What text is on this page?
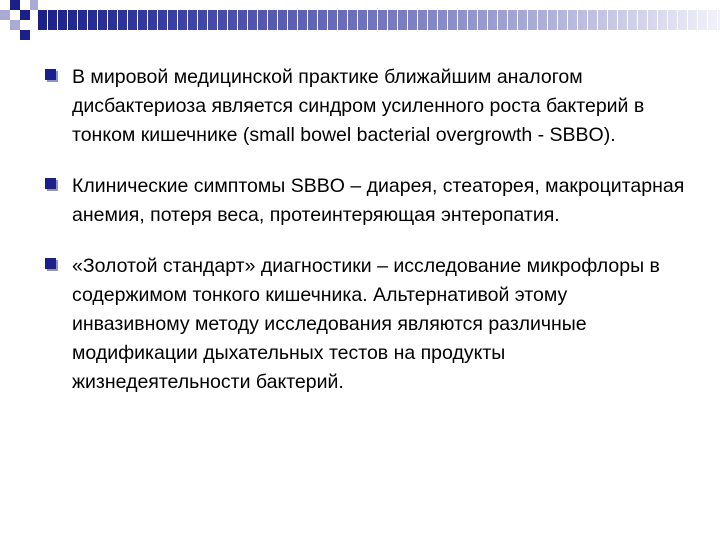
В мировой медицинской практике ближайшим аналогом дисбактериоза является синдром усиленного роста бактерий в тонком кишечнике (small bowel bacterial overgrowth - SBBO).
Клинические симптомы SBBO – диарея, стеаторея, макроцитарная анемия, потеря веса, протеинтеряющая энтеропатия.
«Золотой стандарт» диагностики – исследование микрофлоры в содержимом тонкого кишечника. Альтернативой этому инвазивному методу исследования являются различные модификации дыхательных тестов на продукты жизнедеятельности бактерий.
